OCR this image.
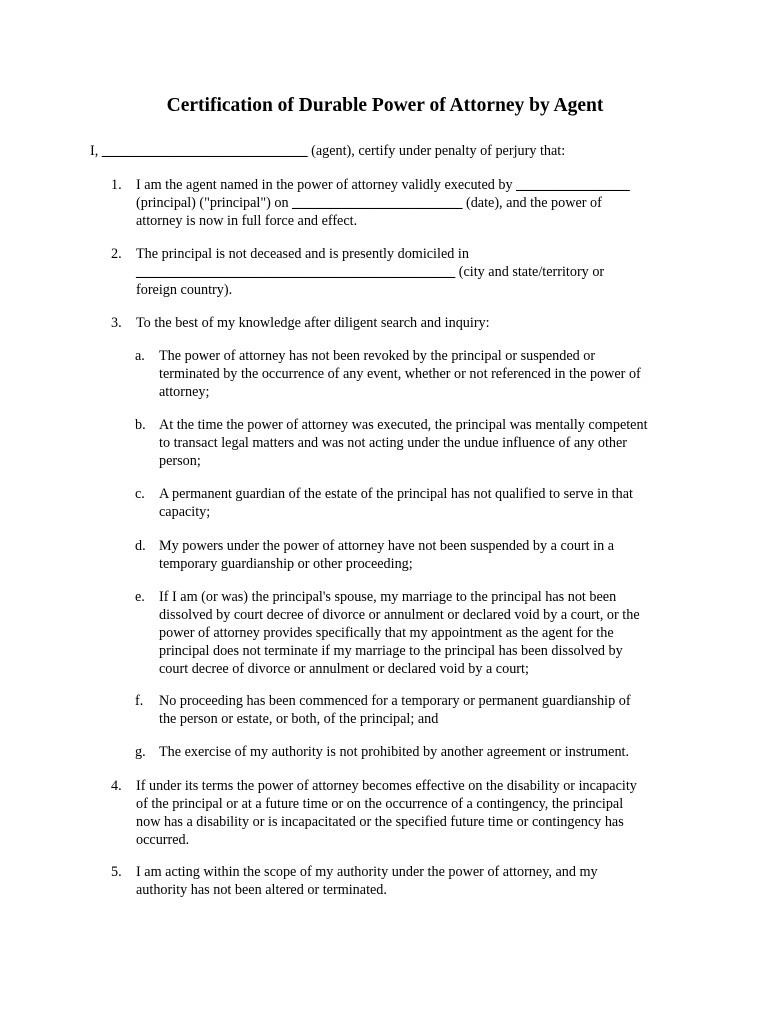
Certification of Durable Power of Attorney by Agent
I, _____________________________ (agent), certify under penalty of perjury that:
1. I am the agent named in the power of attorney validly executed by ________________
(principal) ("principal") on ________________________ (date), and the power of
attorney is now in full force and effect.
2. The principal is not deceased and is presently domiciled in
_____________________________________________ (city and state/territory or
foreign country).
3. To the best of my knowledge after diligent search and inquiry:
a. The power of attorney has not been revoked by the principal or suspended or
terminated by the occurrence of any event, whether or not referenced in the power of
attorney;
b. At the time the power of attorney was executed, the principal was mentally competent
to transact legal matters and was not acting under the undue influence of any other
person;
c. A permanent guardian of the estate of the principal has not qualified to serve in that
capacity;
d. My powers under the power of attorney have not been suspended by a court in a
temporary guardianship or other proceeding;
e. If I am (or was) the principal's spouse, my marriage to the principal has not been
dissolved by court decree of divorce or annulment or declared void by a court, or the
power of attorney provides specifically that my appointment as the agent for the
principal does not terminate if my marriage to the principal has been dissolved by
court decree of divorce or annulment or declared void by a court;
f. No proceeding has been commenced for a temporary or permanent guardianship of
the person or estate, or both, of the principal; and
g. The exercise of my authority is not prohibited by another agreement or instrument.
4. If under its terms the power of attorney becomes effective on the disability or incapacity
of the principal or at a future time or on the occurrence of a contingency, the principal
now has a disability or is incapacitated or the specified future time or contingency has
occurred.
5. I am acting within the scope of my authority under the power of attorney, and my
authority has not been altered or terminated.
